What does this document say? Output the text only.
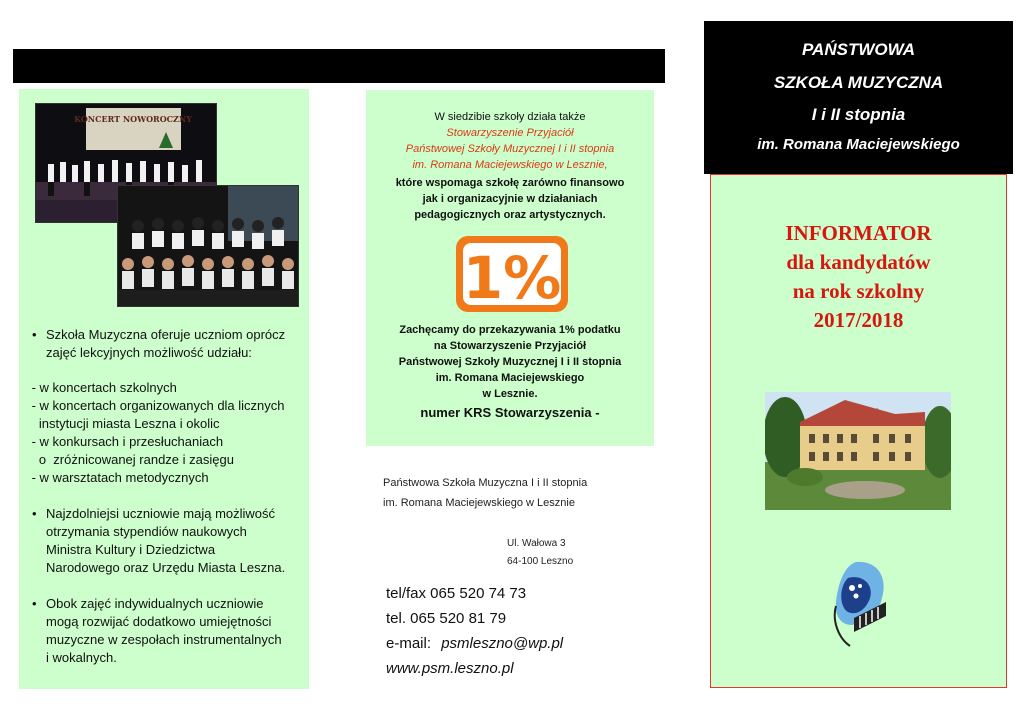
O SZKOLE …	O SZKOLE ...
KONCERT NOWOROCZNY
• Szkoła Muzyczna oferuje uczniom oprócz
zajęć lekcyjnych możliwość udziału:
- w koncertach szkolnych
- w koncertach organizowanych dla licznych
instytucji miasta Leszna i okolic
- w konkursach i przesłuchaniach
o  zróżnicowanej randze i zasięgu
- w warsztatach metodycznych
• Najzdolniejsi uczniowie mają możliwość
otrzymania stypendiów naukowych
Ministra Kultury i Dziedzictwa
Narodowego oraz Urzędu Miasta Leszna.
• Obok zajęć indywidualnych uczniowie
mogą rozwijać dodatkowo umiejętności
muzyczne w zespołach instrumentalnych
i wokalnych.
W siedzibie szkoły działa także
Stowarzyszenie Przyjaciół
Państwowej Szkoły Muzycznej I i II stopnia
im. Romana Maciejewskiego w Lesznie,
które wspomaga szkołę zarówno finansowo
jak i organizacyjnie w działaniach
pedagogicznych oraz artystycznych.
1%
Zachęcamy do przekazywania 1% podatku
na Stowarzyszenie Przyjaciół
Państwowej Szkoły Muzycznej I i II stopnia
im. Romana Maciejewskiego
w Lesznie.
numer KRS Stowarzyszenia -
Państwowa Szkoła Muzyczna I i II stopnia
im. Romana Maciejewskiego w Lesznie
Ul. Wałowa 3
64-100 Leszno
tel/fax 065 520 74 73
tel. 065 520 81 79
e-mail: psmleszno@wp.pl
www.psm.leszno.pl
PAŃSTWOWA
SZKOŁA MUZYCZNA
I i II stopnia
im. Romana Maciejewskiego
INFORMATOR
dla kandydatów
na rok szkolny
2017/2018
